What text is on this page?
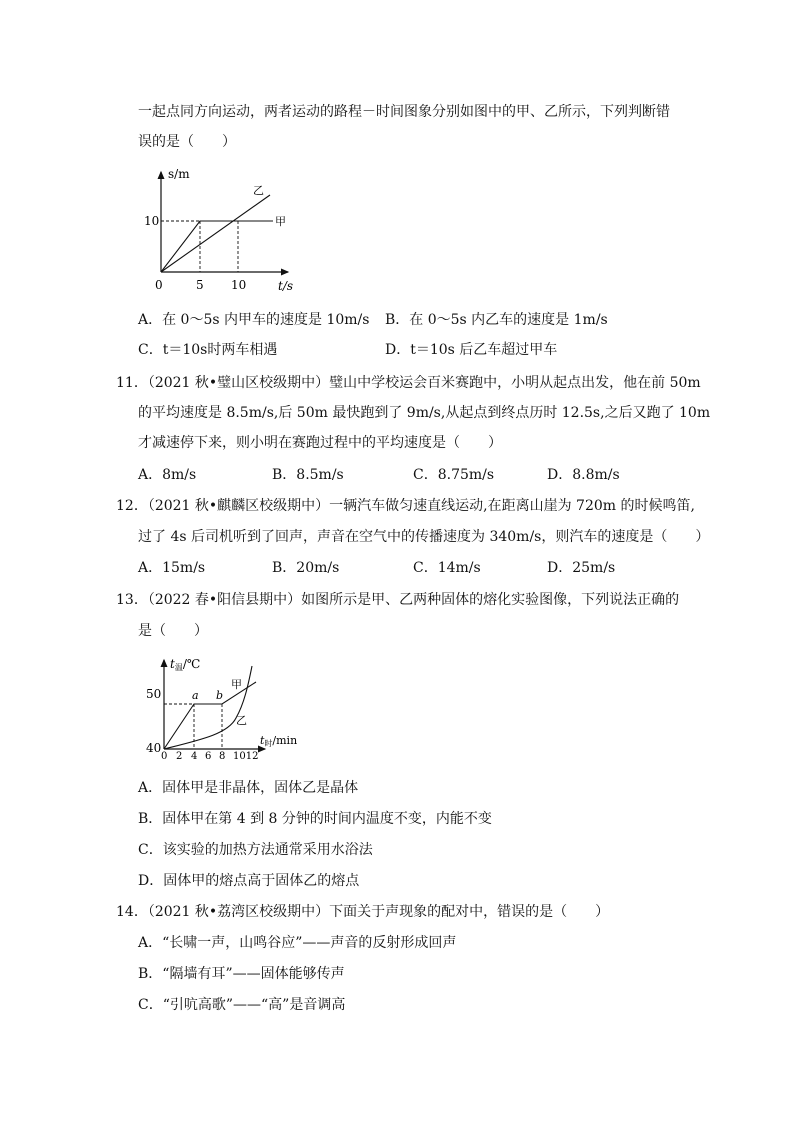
一起点同方向运动，两者运动的路程－时间图象分别如图中的甲、乙所示，下列判断错
误的是（　　）
s/m
t/s
0
10
5 10
甲
乙
A．在 0～5s 内甲车的速度是 10m/s B．在 0～5s 内乙车的速度是 1m/s
C．t＝10s时两车相遇	D．t＝10s 后乙车超过甲车
11．（2021 秋•璧山区校级期中）璧山中学校运会百米赛跑中，小明从起点出发，他在前 50m
的平均速度是 8.5m/s,后 50m 最快跑到了 9m/s,从起点到终点历时 12.5s,之后又跑了 10m
才减速停下来，则小明在赛跑过程中的平均速度是（　　）
A．8m/s	B．8.5m/s	C．8.75m/s	D．8.8m/s
12．（2021 秋•麒麟区校级期中）一辆汽车做匀速直线运动,在距离山崖为 720m 的时候鸣笛,
过了 4s 后司机听到了回声，声音在空气中的传播速度为 340m/s，则汽车的速度是（　　）
A．15m/s	B．20m/s	C．14m/s	D．25m/s
13．（2022 春•阳信县期中）如图所示是甲、乙两种固体的熔化实验图像，下列说法正确的
是（　　）
t温/℃
t时/min
50
40
0 2 4 6 8 1012
a b
甲
乙
A．固体甲是非晶体，固体乙是晶体
B．固体甲在第 4 到 8 分钟的时间内温度不变，内能不变
C．该实验的加热方法通常采用水浴法
D．固体甲的熔点高于固体乙的熔点
14．（2021 秋•荔湾区校级期中）下面关于声现象的配对中，错误的是（　　）
A．“长啸一声，山鸣谷应”——声音的反射形成回声
B．“隔墙有耳”——固体能够传声
C．“引吭高歌”——“高”是音调高
